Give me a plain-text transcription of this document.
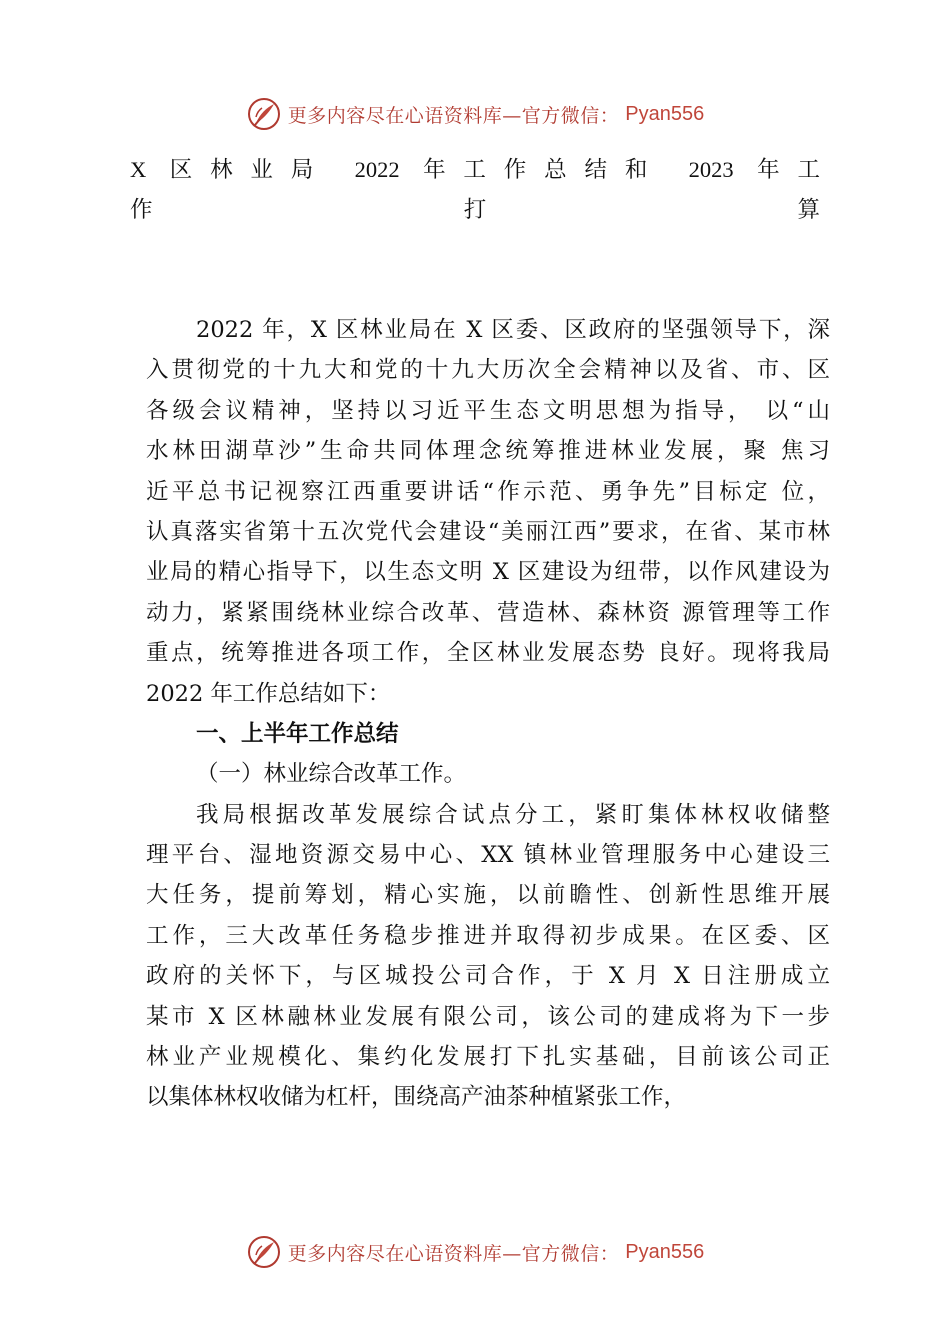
更多内容尽在心语资料库—官方微信： Pyan556
X 区林业局 2022 年工作总结和 2023 年工
作打算
2022 年，X 区林业局在 X 区委、区政府的坚强领导下，深
入贯彻党的十九大和党的十九大历次全会精神以及省、市、区
各级会议精神，坚持以习近平生态文明思想为指导， 以“山
水林田湖草沙”生命共同体理念统筹推进林业发展，聚 焦习
近平总书记视察江西重要讲话“作示范、勇争先”目标定 位，
认真落实省第十五次党代会建设“美丽江西”要求，在省、某市林
业局的精心指导下，以生态文明 X 区建设为纽带，以作风建设为
动力，紧紧围绕林业综合改革、营造林、森林资 源管理等工作
重点，统筹推进各项工作，全区林业发展态势 良好。现将我局
2022 年工作总结如下：
一、上半年工作总结
（一）林业综合改革工作。
我局根据改革发展综合试点分工，紧盯集体林权收储整
理平台、湿地资源交易中心、XX 镇林业管理服务中心建设三
大任务，提前筹划，精心实施，以前瞻性、创新性思维开展
工作，三大改革任务稳步推进并取得初步成果。在区委、区
政府的关怀下，与区城投公司合作，于 X 月 X 日注册成立
某市 X 区林融林业发展有限公司，该公司的建成将为下一步
林业产业规模化、集约化发展打下扎实基础，目前该公司正
以集体林权收储为杠杆，围绕高产油茶种植紧张工作，
更多内容尽在心语资料库—官方微信： Pyan556
